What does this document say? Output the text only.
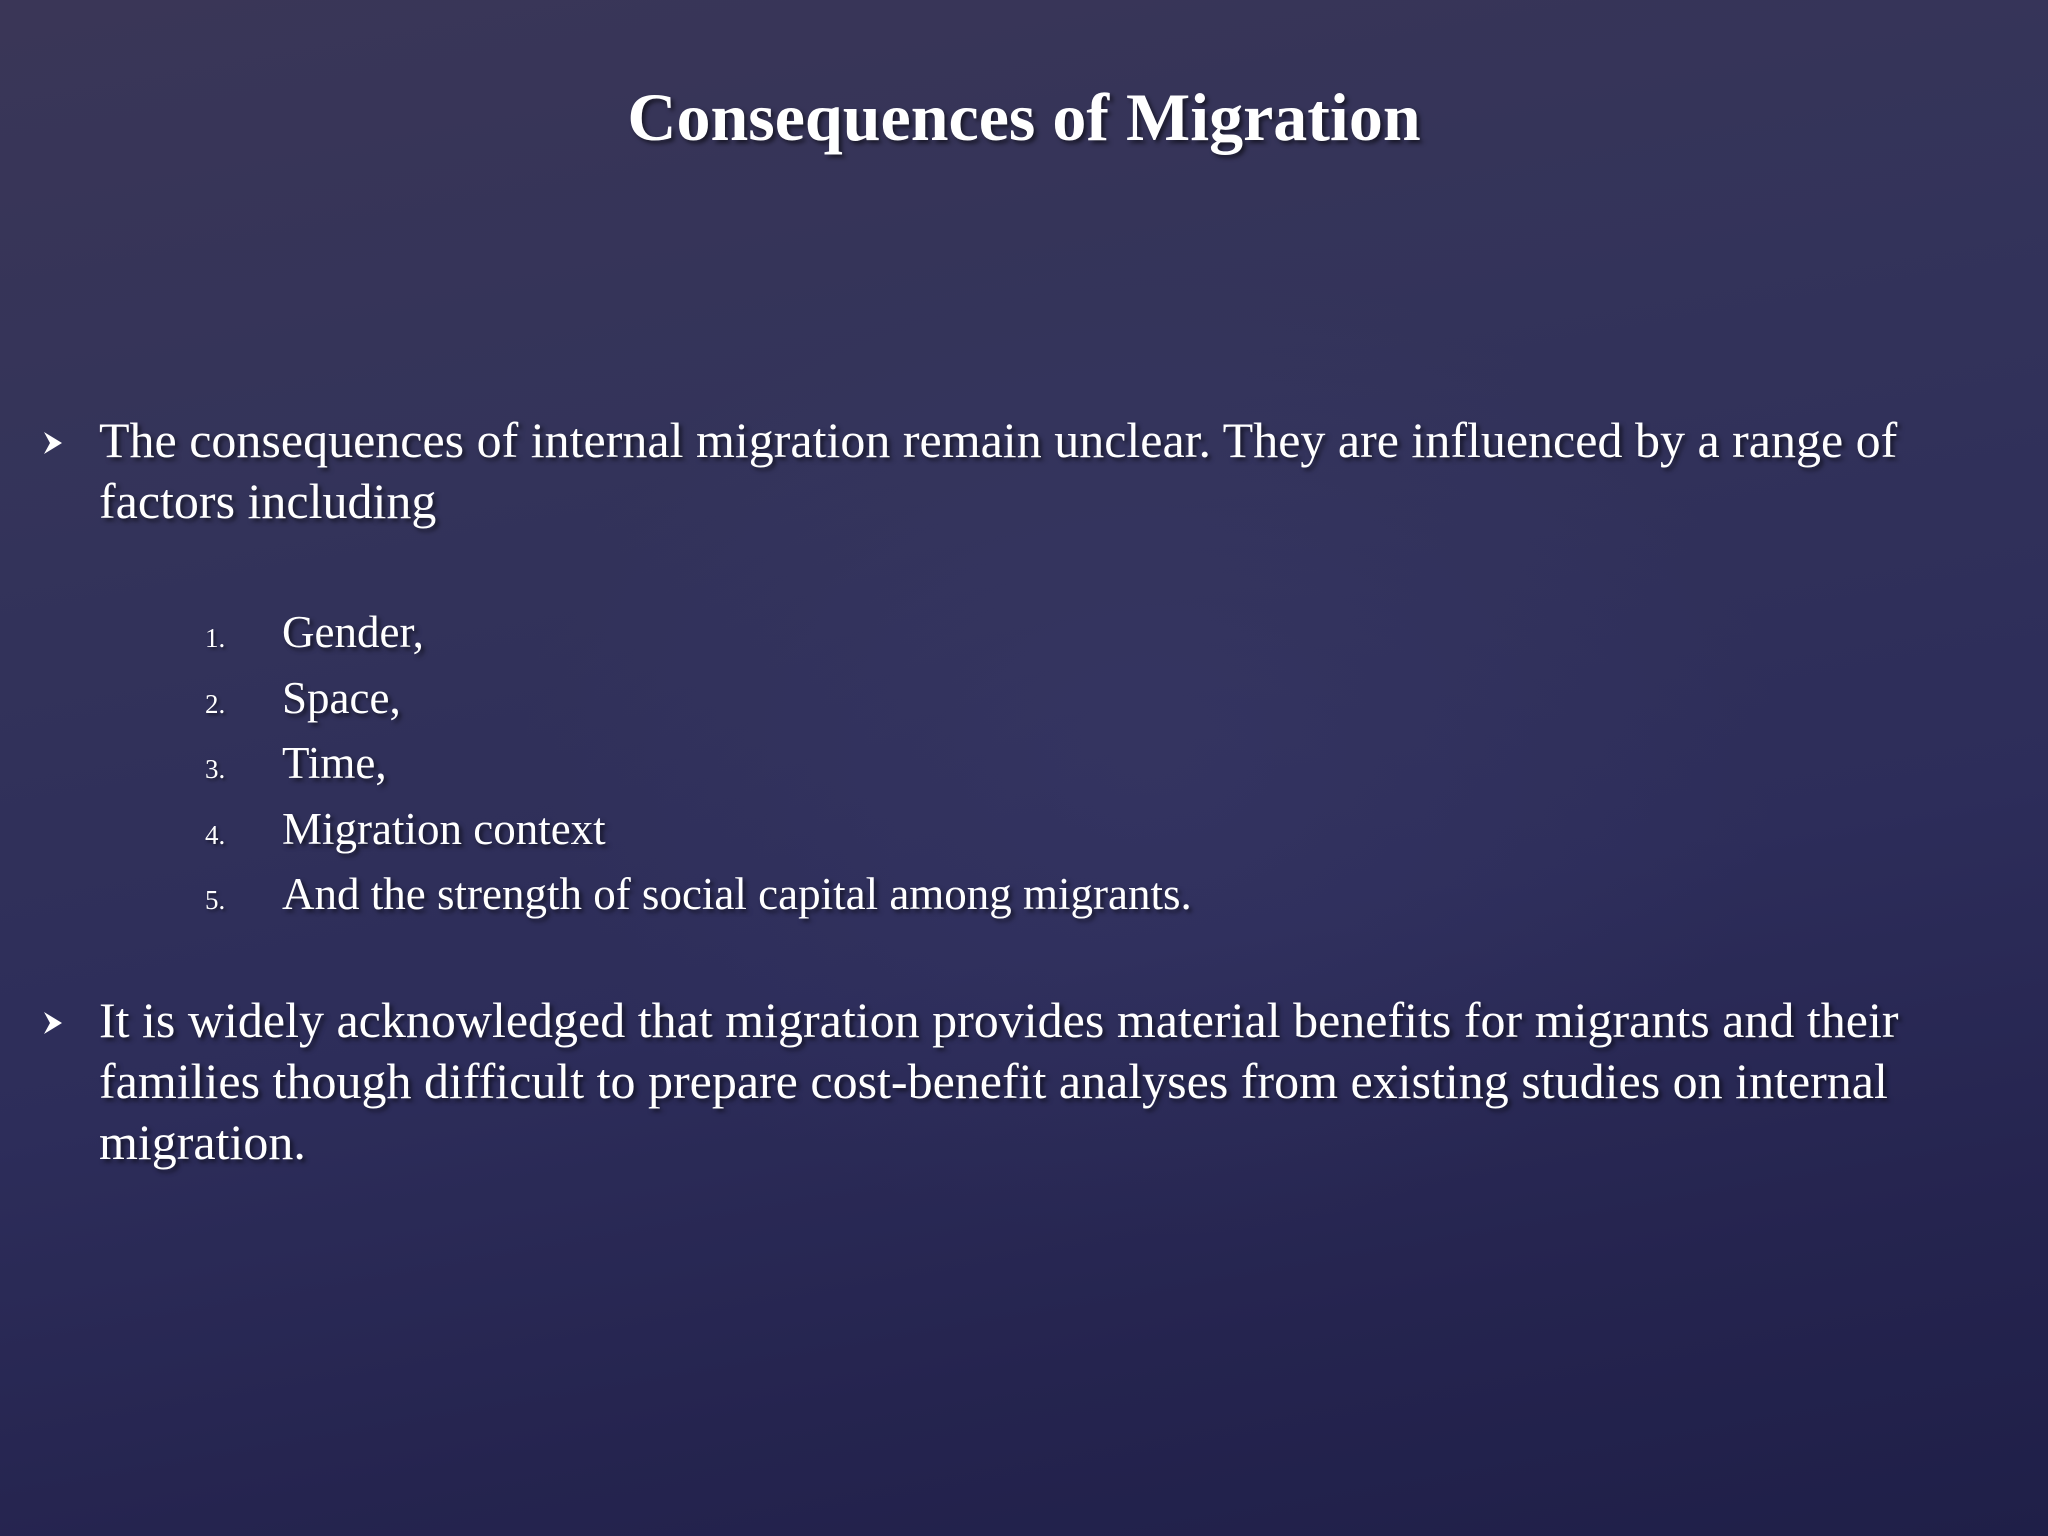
Consequences of Migration

The consequences of internal migration remain unclear. They are influenced by a range of factors including

1. Gender,
2. Space,
3. Time,
4. Migration context
5. And the strength of social capital among migrants.

It is widely acknowledged that migration provides material benefits for migrants and their families though difficult to prepare cost-benefit analyses from existing studies on internal migration.
